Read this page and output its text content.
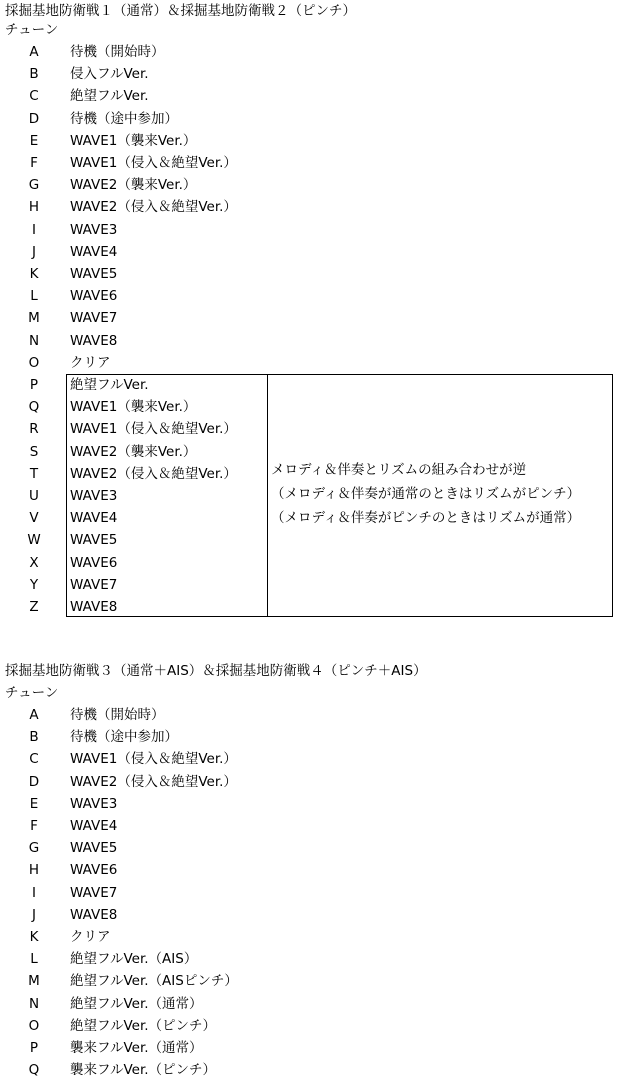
採掘基地防衛戦１（通常）＆採掘基地防衛戦２（ピンチ）
チューン
A	待機（開始時）
B	侵入フルVer.
C	絶望フルVer.
D	待機（途中参加）
E	WAVE1（襲来Ver.）
F	WAVE1（侵入＆絶望Ver.）
G	WAVE2（襲来Ver.）
H	WAVE2（侵入＆絶望Ver.）
I	WAVE3
J	WAVE4
K	WAVE5
L	WAVE6
M	WAVE7
N	WAVE8
O	クリア
P	絶望フルVer.
Q	WAVE1（襲来Ver.）
R	WAVE1（侵入＆絶望Ver.）
S	WAVE2（襲来Ver.）
T	WAVE2（侵入＆絶望Ver.）
U	WAVE3
V	WAVE4
W	WAVE5
X	WAVE6
Y	WAVE7
Z	WAVE8
メロディ＆伴奏とリズムの組み合わせが逆
（メロディ＆伴奏が通常のときはリズムがピンチ）
（メロディ＆伴奏がピンチのときはリズムが通常）
採掘基地防衛戦３（通常＋AIS）＆採掘基地防衛戦４（ピンチ＋AIS）
チューン
A	待機（開始時）
B	待機（途中参加）
C	WAVE1（侵入＆絶望Ver.）
D	WAVE2（侵入＆絶望Ver.）
E	WAVE3
F	WAVE4
G	WAVE5
H	WAVE6
I	WAVE7
J	WAVE8
K	クリア
L	絶望フルVer.（AIS）
M	絶望フルVer.（AISピンチ）
N	絶望フルVer.（通常）
O	絶望フルVer.（ピンチ）
P	襲来フルVer.（通常）
Q	襲来フルVer.（ピンチ）
